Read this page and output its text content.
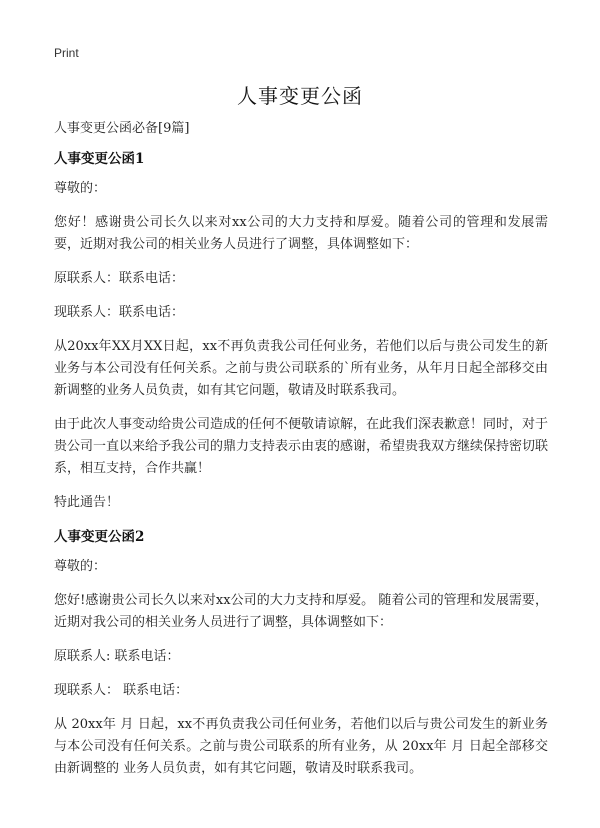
Print
人事变更公函

人事变更公函必备[9篇]

人事变更公函1

尊敬的：

您好！感谢贵公司长久以来对xx公司的大力支持和厚爱。随着公司的管理和发展需要，近期对我公司的相关业务人员进行了调整，具体调整如下：

原联系人：联系电话：

现联系人：联系电话：

从20xx年XX月XX日起，xx不再负责我公司任何业务，若他们以后与贵公司发生的新业务与本公司没有任何关系。之前与贵公司联系的`所有业务，从年月日起全部移交由新调整的业务人员负责，如有其它问题，敬请及时联系我司。

由于此次人事变动给贵公司造成的任何不便敬请谅解，在此我们深表歉意！同时，对于贵公司一直以来给予我公司的鼎力支持表示由衷的感谢，希望贵我双方继续保持密切联系，相互支持，合作共赢！

特此通告！

人事变更公函2

尊敬的：

您好!感谢贵公司长久以来对xx公司的大力支持和厚爱。 随着公司的管理和发展需要，近期对我公司的相关业务人员进行了调整，具体调整如下：

原联系人: 联系电话：

现联系人： 联系电话：

从 20xx年 月 日起，xx不再负责我公司任何业务，若他们以后与贵公司发生的新业务与本公司没有任何关系。之前与贵公司联系的所有业务，从 20xx年 月 日起全部移交由新调整的 业务人员负责，如有其它问题，敬请及时联系我司。
